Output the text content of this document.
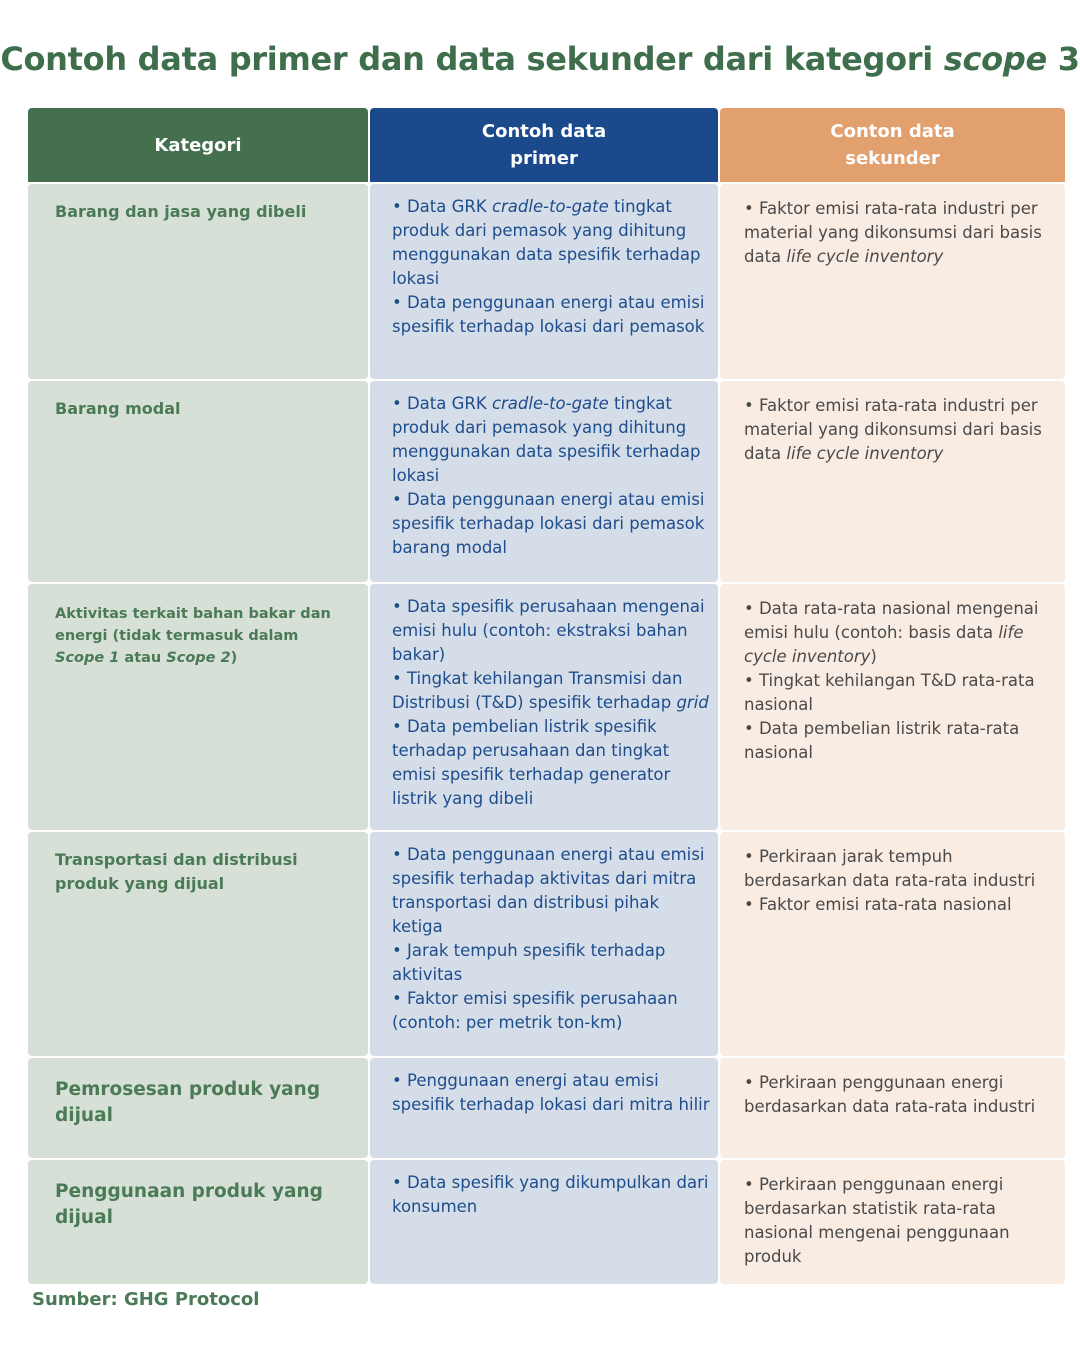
Contoh data primer dan data sekunder dari kategori scope 3
Kategori
Contoh data primer
Conton data sekunder
Barang dan jasa yang dibeli	• Data GRK cradle-to-gate tingkat produk dari pemasok yang dihitung menggunakan data spesifik terhadap lokasi
• Data penggunaan energi atau emisi spesifik terhadap lokasi dari pemasok
• Faktor emisi rata-rata industri per material yang dikonsumsi dari basis data life cycle inventory
Barang modal	• Data GRK cradle-to-gate tingkat produk dari pemasok yang dihitung menggunakan data spesifik terhadap lokasi
• Data penggunaan energi atau emisi spesifik terhadap lokasi dari pemasok barang modal
• Faktor emisi rata-rata industri per material yang dikonsumsi dari basis data life cycle inventory
Aktivitas terkait bahan bakar dan energi (tidak termasuk dalam Scope 1 atau Scope 2)
• Data spesifik perusahaan mengenai emisi hulu (contoh: ekstraksi bahan bakar)
• Tingkat kehilangan Transmisi dan Distribusi (T&D) spesifik terhadap grid
• Data pembelian listrik spesifik terhadap perusahaan dan tingkat emisi spesifik terhadap generator listrik yang dibeli
• Data rata-rata nasional mengenai emisi hulu (contoh: basis data life cycle inventory)
• Tingkat kehilangan T&D rata-rata nasional
• Data pembelian listrik rata-rata nasional
Transportasi dan distribusi produk yang dijual
• Data penggunaan energi atau emisi spesifik terhadap aktivitas dari mitra transportasi dan distribusi pihak ketiga
• Jarak tempuh spesifik terhadap aktivitas
• Faktor emisi spesifik perusahaan (contoh: per metrik ton-km)
• Perkiraan jarak tempuh berdasarkan data rata-rata industri
• Faktor emisi rata-rata nasional
Pemrosesan produk yang dijual
• Penggunaan energi atau emisi spesifik terhadap lokasi dari mitra hilir
• Perkiraan penggunaan energi berdasarkan data rata-rata industri
Penggunaan produk yang dijual
• Data spesifik yang dikumpulkan dari konsumen
• Perkiraan penggunaan energi berdasarkan statistik rata-rata nasional mengenai penggunaan produk
Sumber: GHG Protocol
